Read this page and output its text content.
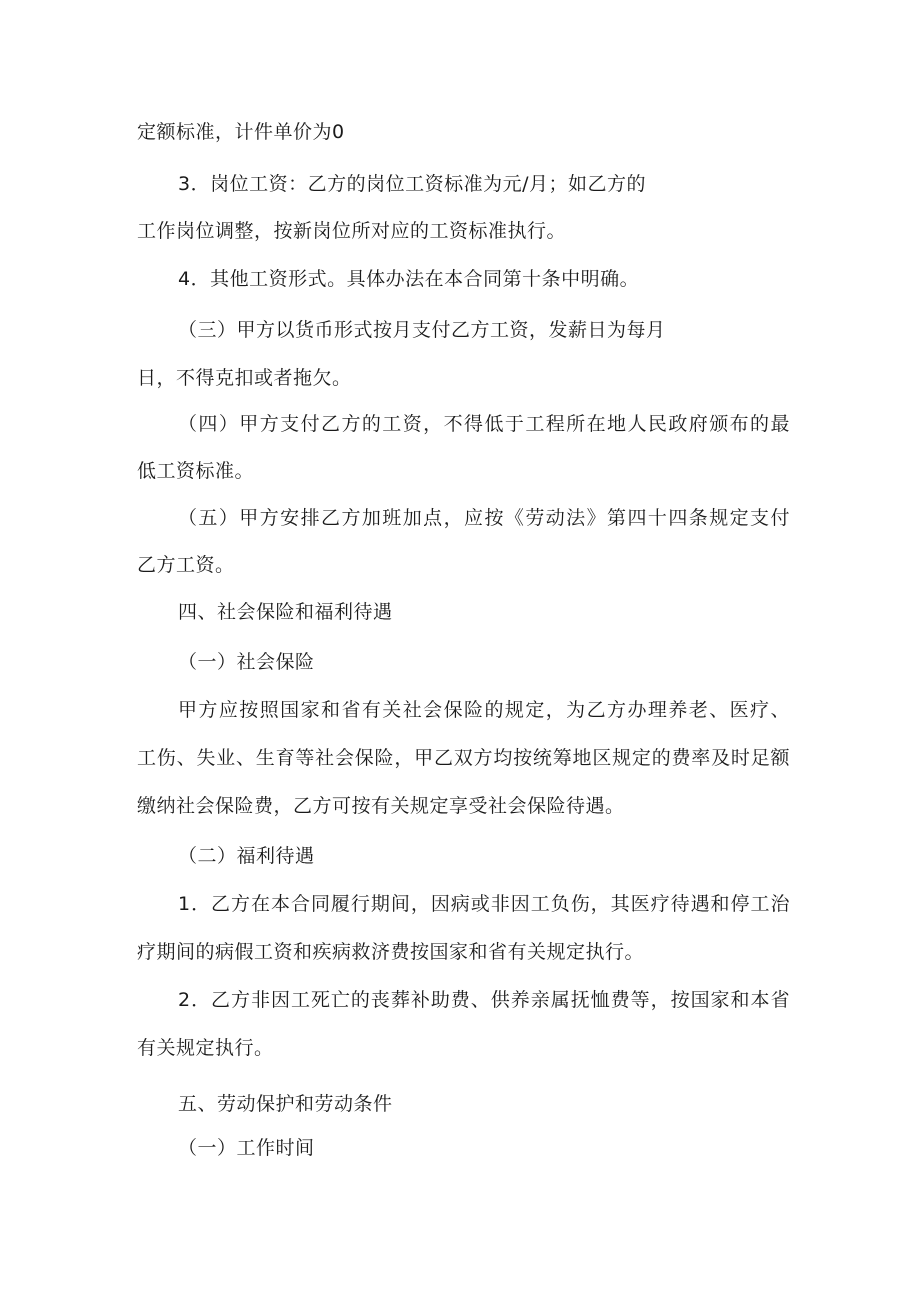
定额标准，计件单价为0
3．岗位工资：乙方的岗位工资标准为元/月；如乙方的
工作岗位调整，按新岗位所对应的工资标准执行。
4．其他工资形式。具体办法在本合同第十条中明确。
（三）甲方以货币形式按月支付乙方工资，发薪日为每月
日，不得克扣或者拖欠。
（四）甲方支付乙方的工资，不得低于工程所在地人民政府颁布的最
低工资标准。
（五）甲方安排乙方加班加点，应按《劳动法》第四十四条规定支付
乙方工资。
四、社会保险和福利待遇
（一）社会保险
甲方应按照国家和省有关社会保险的规定，为乙方办理养老、医疗、
工伤、失业、生育等社会保险，甲乙双方均按统筹地区规定的费率及时足额
缴纳社会保险费，乙方可按有关规定享受社会保险待遇。
（二）福利待遇
1．乙方在本合同履行期间，因病或非因工负伤，其医疗待遇和停工治
疗期间的病假工资和疾病救济费按国家和省有关规定执行。
2．乙方非因工死亡的丧葬补助费、供养亲属抚恤费等，按国家和本省
有关规定执行。
五、劳动保护和劳动条件
（一）工作时间
